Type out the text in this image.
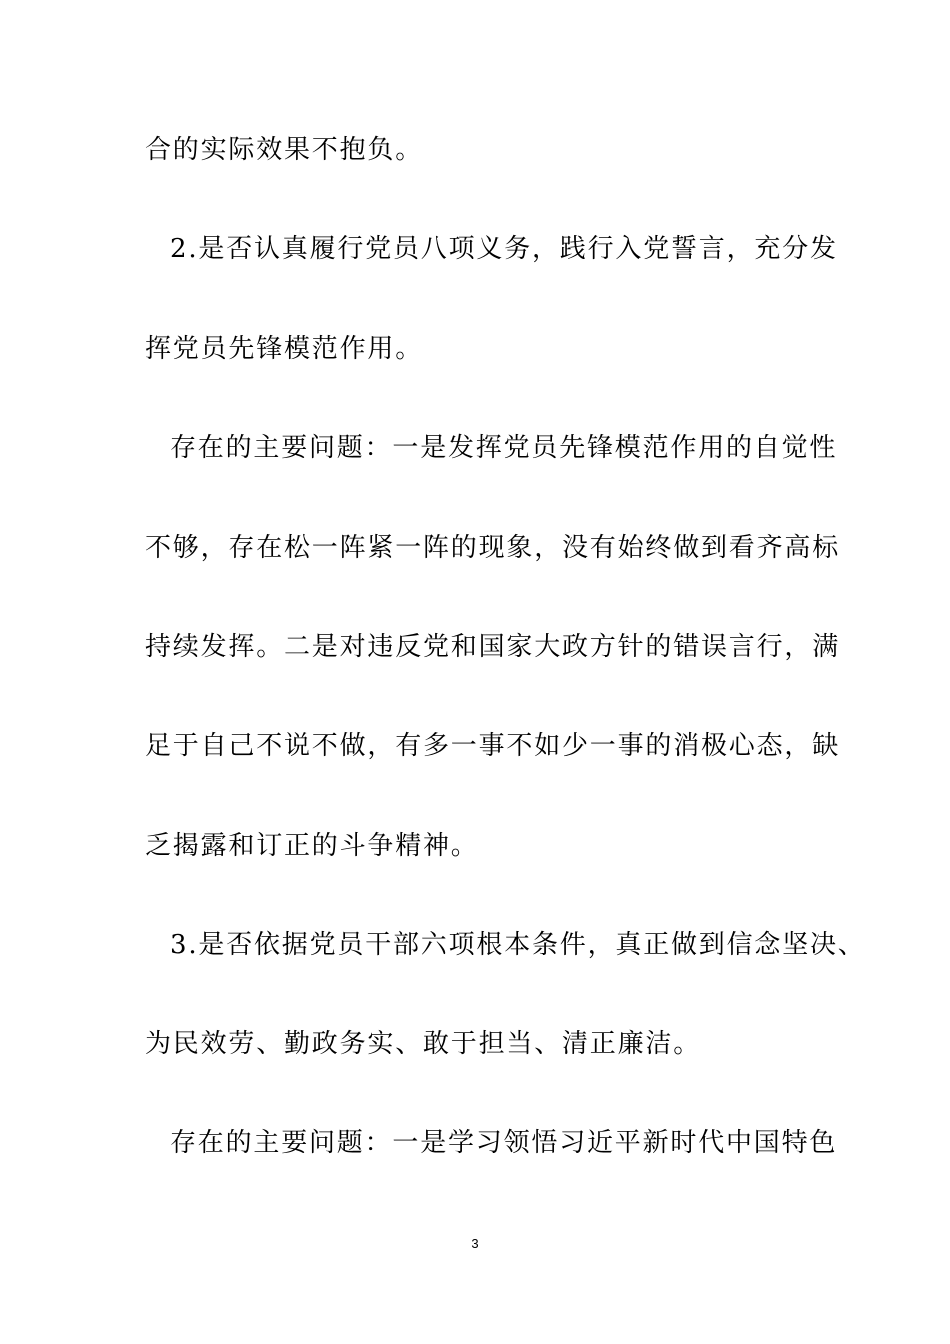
合的实际效果不抱负。
2.是否认真履行党员八项义务，践行入党誓言，充分发
挥党员先锋模范作用。
存在的主要问题：一是发挥党员先锋模范作用的自觉性
不够，存在松一阵紧一阵的现象，没有始终做到看齐高标
持续发挥。二是对违反党和国家大政方针的错误言行，满
足于自己不说不做，有多一事不如少一事的消极心态，缺
乏揭露和订正的斗争精神。
3.是否依据党员干部六项根本条件，真正做到信念坚决、
为民效劳、勤政务实、敢于担当、清正廉洁。
存在的主要问题：一是学习领悟习近平新时代中国特色
3
